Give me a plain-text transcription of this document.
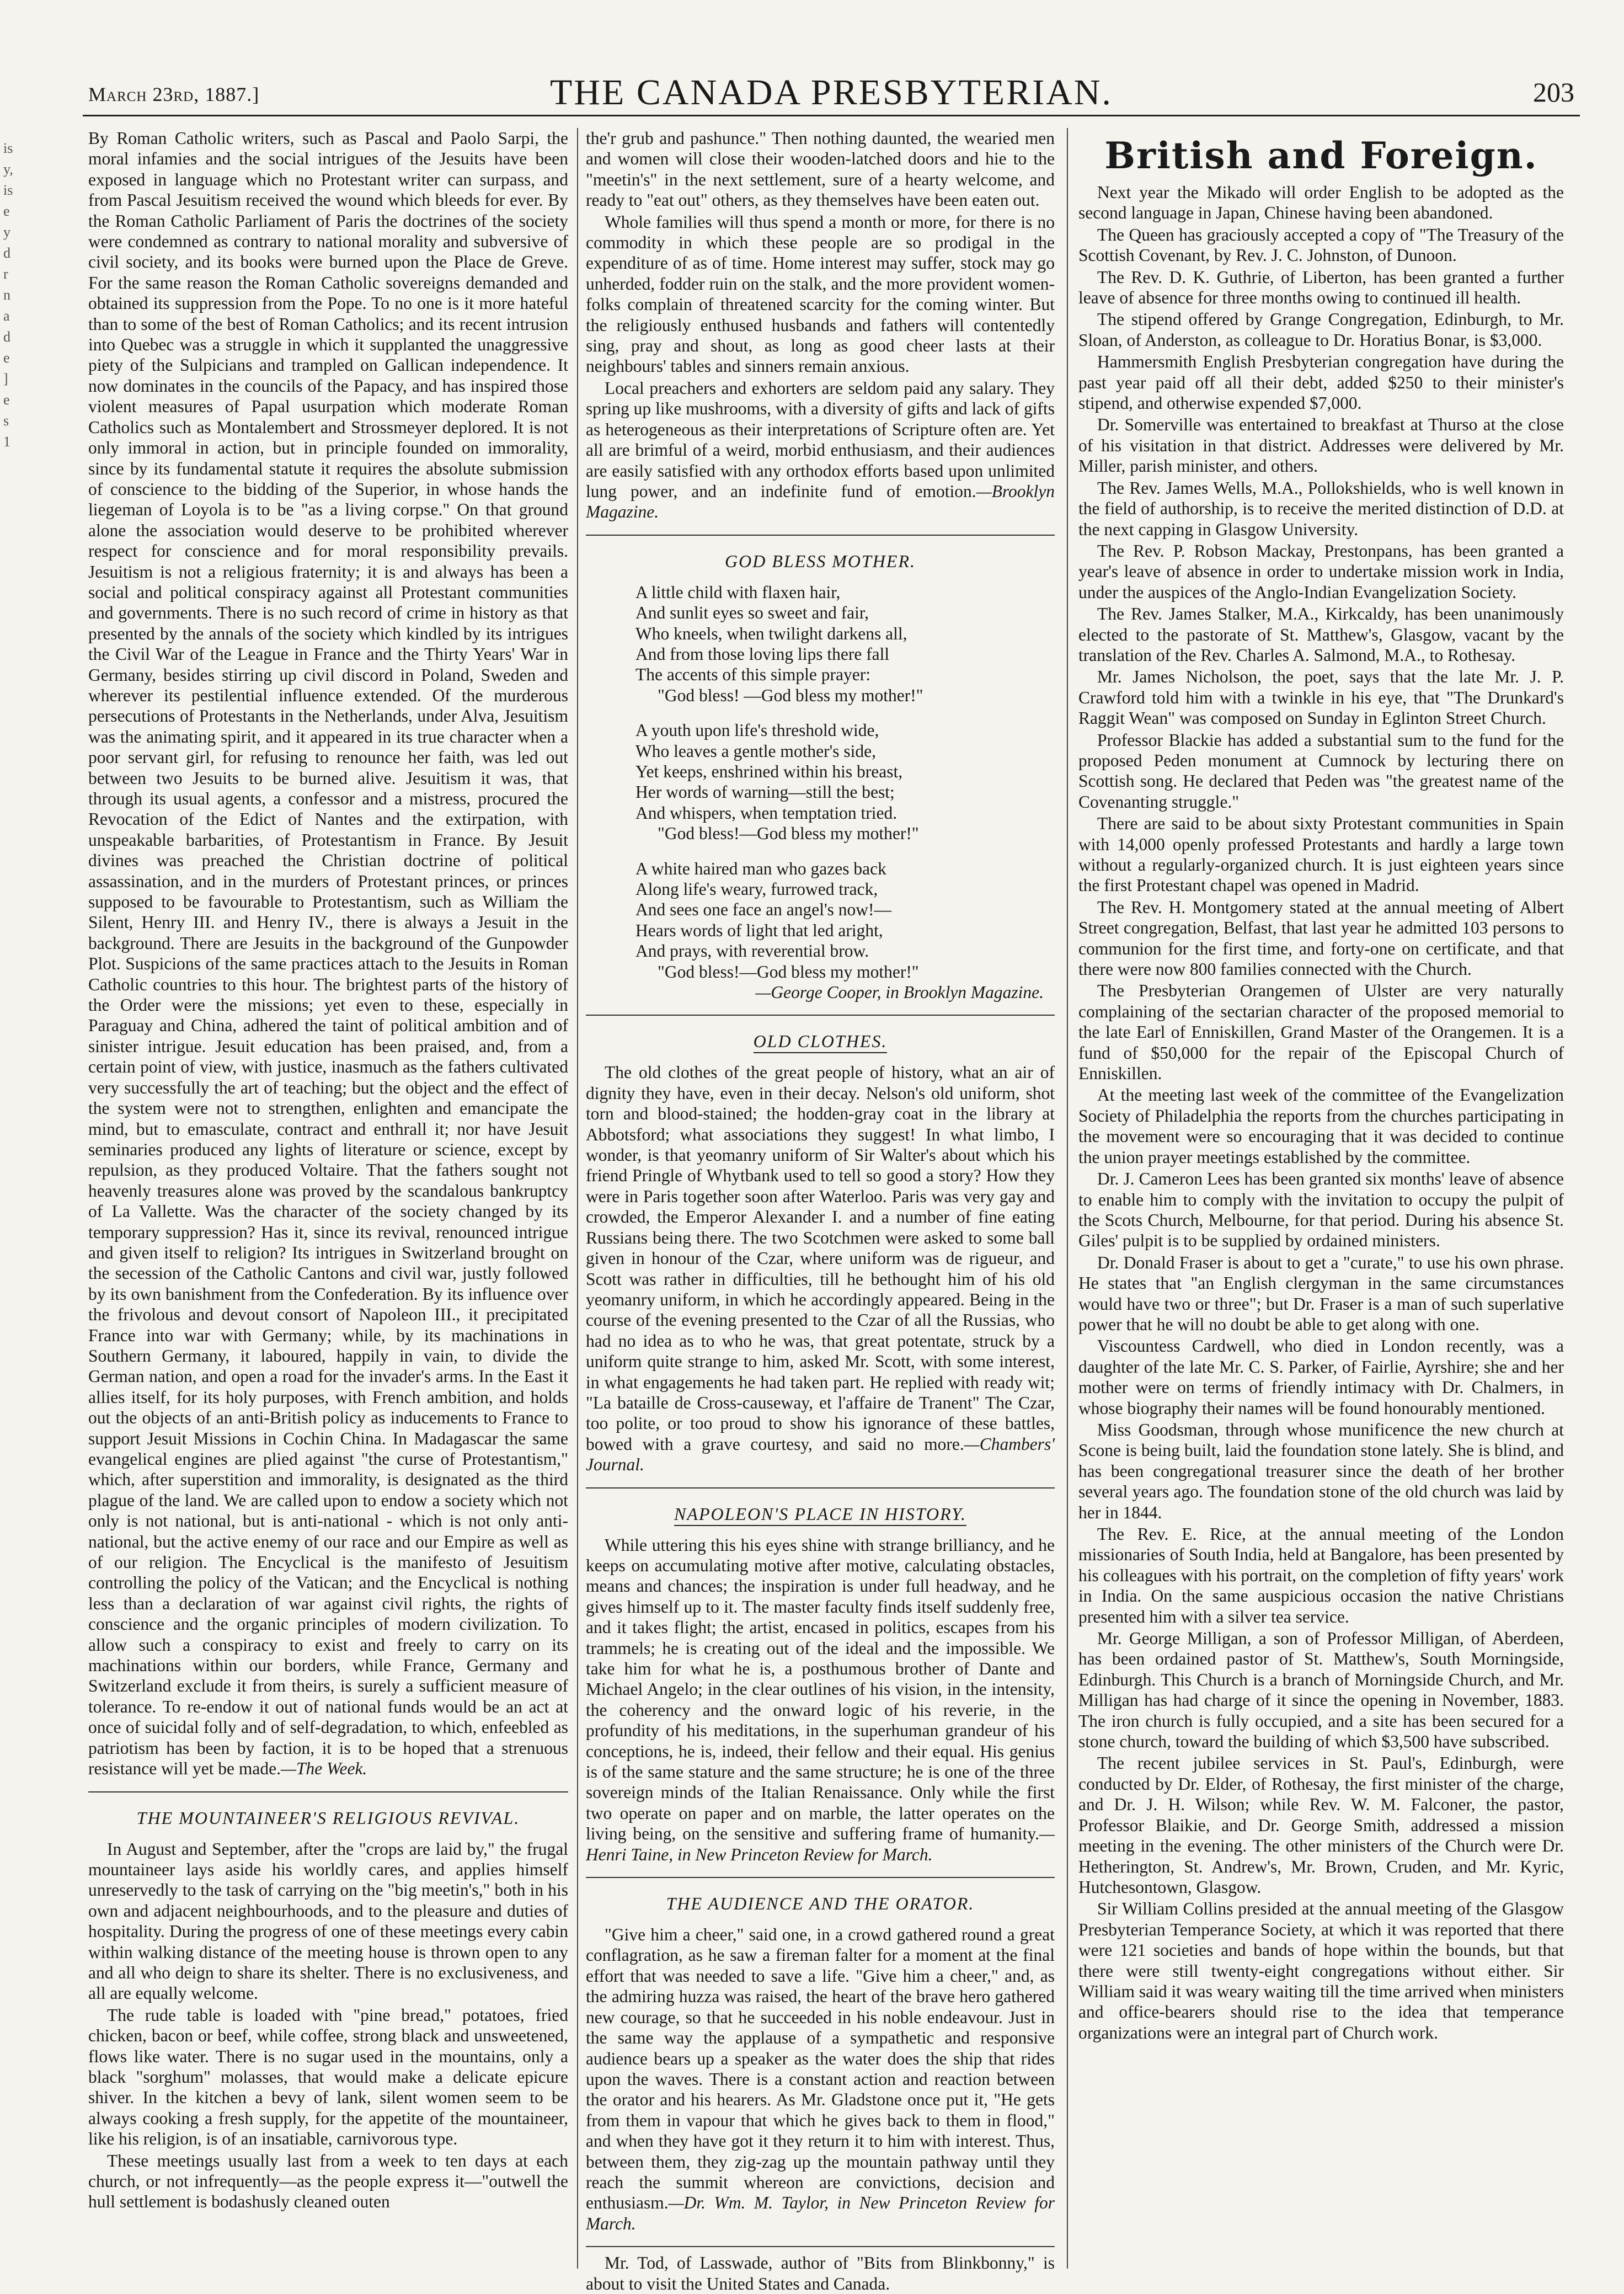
is
y,
is
e
y
d
r
n
a
d
e
]
e
s
1
March 23rd, 1887.]	THE CANADA PRESBYTERIAN.	203

By Roman Catholic writers, such as Pascal and Paolo Sarpi, the moral infamies and the social intrigues of the Jesuits have been exposed in language which no Protestant writer can surpass, and from Pascal Jesuitism received the wound which bleeds for ever. By the Roman Catholic Parliament of Paris the doctrines of the society were condemned as contrary to national morality and subversive of civil society, and its books were burned upon the Place de Greve. For the same reason the Roman Catholic sovereigns demanded and obtained its suppression from the Pope. To no one is it more hateful than to some of the best of Roman Catholics; and its recent intrusion into Quebec was a struggle in which it supplanted the unaggressive piety of the Sulpicians and trampled on Gallican independence. It now dominates in the councils of the Papacy, and has inspired those violent measures of Papal usurpation which moderate Roman Catholics such as Montalembert and Strossmeyer deplored. It is not only immoral in action, but in principle founded on immorality, since by its fundamental statute it requires the absolute submission of conscience to the bidding of the Superior, in whose hands the liegeman of Loyola is to be "as a living corpse." On that ground alone the association would deserve to be prohibited wherever respect for conscience and for moral responsibility prevails. Jesuitism is not a religious fraternity; it is and always has been a social and political conspiracy against all Protestant communities and governments. There is no such record of crime in history as that presented by the annals of the society which kindled by its intrigues the Civil War of the League in France and the Thirty Years' War in Germany, besides stirring up civil discord in Poland, Sweden and wherever its pestilential influence extended. Of the murderous persecutions of Protestants in the Netherlands, under Alva, Jesuitism was the animating spirit, and it appeared in its true character when a poor servant girl, for refusing to renounce her faith, was led out between two Jesuits to be burned alive. Jesuitism it was, that through its usual agents, a confessor and a mistress, procured the Revocation of the Edict of Nantes and the extirpation, with unspeakable barbarities, of Protestantism in France. By Jesuit divines was preached the Christian doctrine of political assassination, and in the murders of Protestant princes, or princes supposed to be favourable to Protestantism, such as William the Silent, Henry III. and Henry IV., there is always a Jesuit in the background. There are Jesuits in the background of the Gunpowder Plot. Suspicions of the same practices attach to the Jesuits in Roman Catholic countries to this hour. The brightest parts of the history of the Order were the missions; yet even to these, especially in Paraguay and China, adhered the taint of political ambition and of sinister intrigue. Jesuit education has been praised, and, from a certain point of view, with justice, inasmuch as the fathers cultivated very successfully the art of teaching; but the object and the effect of the system were not to strengthen, enlighten and emancipate the mind, but to emasculate, contract and enthrall it; nor have Jesuit seminaries produced any lights of literature or science, except by repulsion, as they produced Voltaire. That the fathers sought not heavenly treasures alone was proved by the scandalous bankruptcy of La Vallette. Was the character of the society changed by its temporary suppression? Has it, since its revival, renounced intrigue and given itself to religion? Its intrigues in Switzerland brought on the secession of the Catholic Cantons and civil war, justly followed by its own banishment from the Confederation. By its influence over the frivolous and devout consort of Napoleon III., it precipitated France into war with Germany; while, by its machinations in Southern Germany, it laboured, happily in vain, to divide the German nation, and open a road for the invader's arms. In the East it allies itself, for its holy purposes, with French ambition, and holds out the objects of an anti-British policy as inducements to France to support Jesuit Missions in Cochin China. In Madagascar the same evangelical engines are plied against "the curse of Protestantism," which, after superstition and immorality, is designated as the third plague of the land. We are called upon to endow a society which not only is not national, but is anti-national - which is not only anti-national, but the active enemy of our race and our Empire as well as of our religion. The Encyclical is the manifesto of Jesuitism controlling the policy of the Vatican; and the Encyclical is nothing less than a declaration of war against civil rights, the rights of conscience and the organic principles of modern civilization. To allow such a conspiracy to exist and freely to carry on its machinations within our borders, while France, Germany and Switzerland exclude it from theirs, is surely a sufficient measure of tolerance. To re-endow it out of national funds would be an act at once of suicidal folly and of self-degradation, to which, enfeebled as patriotism has been by faction, it is to be hoped that a strenuous resistance will yet be made.—The Week.

THE MOUNTAINEER'S RELIGIOUS REVIVAL.

In August and September, after the "crops are laid by," the frugal mountaineer lays aside his worldly cares, and applies himself unreservedly to the task of carrying on the "big meetin's," both in his own and adjacent neighbourhoods, and to the pleasure and duties of hospitality. During the progress of one of these meetings every cabin within walking distance of the meeting house is thrown open to any and all who deign to share its shelter. There is no exclusiveness, and all are equally welcome.

The rude table is loaded with "pine bread," potatoes, fried chicken, bacon or beef, while coffee, strong black and unsweetened, flows like water. There is no sugar used in the mountains, only a black "sorghum" molasses, that would make a delicate epicure shiver. In the kitchen a bevy of lank, silent women seem to be always cooking a fresh supply, for the appetite of the mountaineer, like his religion, is of an insatiable, carnivorous type.

These meetings usually last from a week to ten days at each church, or not infrequently—as the people express it—"outwell the hull settlement is bodashusly cleaned outen

the'r grub and pashunce." Then nothing daunted, the wearied men and women will close their wooden-latched doors and hie to the "meetin's" in the next settlement, sure of a hearty welcome, and ready to "eat out" others, as they themselves have been eaten out.

Whole families will thus spend a month or more, for there is no commodity in which these people are so prodigal in the expenditure of as of time. Home interest may suffer, stock may go unherded, fodder ruin on the stalk, and the more provident women-folks complain of threatened scarcity for the coming winter. But the religiously enthused husbands and fathers will contentedly sing, pray and shout, as long as good cheer lasts at their neighbours' tables and sinners remain anxious.

Local preachers and exhorters are seldom paid any salary. They spring up like mushrooms, with a diversity of gifts and lack of gifts as heterogeneous as their interpretations of Scripture often are. Yet all are brimful of a weird, morbid enthusiasm, and their audiences are easily satisfied with any orthodox efforts based upon unlimited lung power, and an indefinite fund of emotion.—Brooklyn Magazine.

GOD BLESS MOTHER.
A little child with flaxen hair,
And sunlit eyes so sweet and fair,
Who kneels, when twilight darkens all,
And from those loving lips there fall
The accents of this simple prayer:
"God bless! —God bless my mother!"
A youth upon life's threshold wide,
Who leaves a gentle mother's side,
Yet keeps, enshrined within his breast,
Her words of warning—still the best;
And whispers, when temptation tried.
"God bless!—God bless my mother!"
A white haired man who gazes back
Along life's weary, furrowed track,
And sees one face an angel's now!—
Hears words of light that led aright,
And prays, with reverential brow.
"God bless!—God bless my mother!"
—George Cooper, in Brooklyn Magazine.
OLD CLOTHES.

The old clothes of the great people of history, what an air of dignity they have, even in their decay. Nelson's old uniform, shot torn and blood-stained; the hodden-gray coat in the library at Abbotsford; what associations they suggest! In what limbo, I wonder, is that yeomanry uniform of Sir Walter's about which his friend Pringle of Whytbank used to tell so good a story? How they were in Paris together soon after Waterloo. Paris was very gay and crowded, the Emperor Alexander I. and a number of fine eating Russians being there. The two Scotchmen were asked to some ball given in honour of the Czar, where uniform was de rigueur, and Scott was rather in difficulties, till he bethought him of his old yeomanry uniform, in which he accordingly appeared. Being in the course of the evening presented to the Czar of all the Russias, who had no idea as to who he was, that great potentate, struck by a uniform quite strange to him, asked Mr. Scott, with some interest, in what engagements he had taken part. He replied with ready wit; "La bataille de Cross-causeway, et l'affaire de Tranent" The Czar, too polite, or too proud to show his ignorance of these battles, bowed with a grave courtesy, and said no more.—Chambers' Journal.

NAPOLEON'S PLACE IN HISTORY.

While uttering this his eyes shine with strange brilliancy, and he keeps on accumulating motive after motive, calculating obstacles, means and chances; the inspiration is under full headway, and he gives himself up to it. The master faculty finds itself suddenly free, and it takes flight; the artist, encased in politics, escapes from his trammels; he is creating out of the ideal and the impossible. We take him for what he is, a posthumous brother of Dante and Michael Angelo; in the clear outlines of his vision, in the intensity, the coherency and the onward logic of his reverie, in the profundity of his meditations, in the superhuman grandeur of his conceptions, he is, indeed, their fellow and their equal. His genius is of the same stature and the same structure; he is one of the three sovereign minds of the Italian Renaissance. Only while the first two operate on paper and on marble, the latter operates on the living being, on the sensitive and suffering frame of humanity.—Henri Taine, in New Princeton Review for March.

THE AUDIENCE AND THE ORATOR.

"Give him a cheer," said one, in a crowd gathered round a great conflagration, as he saw a fireman falter for a moment at the final effort that was needed to save a life. "Give him a cheer," and, as the admiring huzza was raised, the heart of the brave hero gathered new courage, so that he succeeded in his noble endeavour. Just in the same way the applause of a sympathetic and responsive audience bears up a speaker as the water does the ship that rides upon the waves. There is a constant action and reaction between the orator and his hearers. As Mr. Gladstone once put it, "He gets from them in vapour that which he gives back to them in flood," and when they have got it they return it to him with interest. Thus, between them, they zig-zag up the mountain pathway until they reach the summit whereon are convictions, decision and enthusiasm.—Dr. Wm. M. Taylor, in New Princeton Review for March.

Mr. Tod, of Lasswade, author of "Bits from Blinkbonny," is about to visit the United States and Canada.

British and Foreign.

Next year the Mikado will order English to be adopted as the second language in Japan, Chinese having been abandoned.

The Queen has graciously accepted a copy of "The Treasury of the Scottish Covenant, by Rev. J. C. Johnston, of Dunoon.

The Rev. D. K. Guthrie, of Liberton, has been granted a further leave of absence for three months owing to continued ill health.

The stipend offered by Grange Congregation, Edinburgh, to Mr. Sloan, of Anderston, as colleague to Dr. Horatius Bonar, is $3,000.

Hammersmith English Presbyterian congregation have during the past year paid off all their debt, added $250 to their minister's stipend, and otherwise expended $7,000.

Dr. Somerville was entertained to breakfast at Thurso at the close of his visitation in that district. Addresses were delivered by Mr. Miller, parish minister, and others.

The Rev. James Wells, M.A., Pollokshields, who is well known in the field of authorship, is to receive the merited distinction of D.D. at the next capping in Glasgow University.

The Rev. P. Robson Mackay, Prestonpans, has been granted a year's leave of absence in order to undertake mission work in India, under the auspices of the Anglo-Indian Evangelization Society.

The Rev. James Stalker, M.A., Kirkcaldy, has been unanimously elected to the pastorate of St. Matthew's, Glasgow, vacant by the translation of the Rev. Charles A. Salmond, M.A., to Rothesay.

Mr. James Nicholson, the poet, says that the late Mr. J. P. Crawford told him with a twinkle in his eye, that "The Drunkard's Raggit Wean" was composed on Sunday in Eglinton Street Church.

Professor Blackie has added a substantial sum to the fund for the proposed Peden monument at Cumnock by lecturing there on Scottish song. He declared that Peden was "the greatest name of the Covenanting struggle."

There are said to be about sixty Protestant communities in Spain with 14,000 openly professed Protestants and hardly a large town without a regularly-organized church. It is just eighteen years since the first Protestant chapel was opened in Madrid.

The Rev. H. Montgomery stated at the annual meeting of Albert Street congregation, Belfast, that last year he admitted 103 persons to communion for the first time, and forty-one on certificate, and that there were now 800 families connected with the Church.

The Presbyterian Orangemen of Ulster are very naturally complaining of the sectarian character of the proposed memorial to the late Earl of Enniskillen, Grand Master of the Orangemen. It is a fund of $50,000 for the repair of the Episcopal Church of Enniskillen.

At the meeting last week of the committee of the Evangelization Society of Philadelphia the reports from the churches participating in the movement were so encouraging that it was decided to continue the union prayer meetings established by the committee.

Dr. J. Cameron Lees has been granted six months' leave of absence to enable him to comply with the invitation to occupy the pulpit of the Scots Church, Melbourne, for that period. During his absence St. Giles' pulpit is to be supplied by ordained ministers.

Dr. Donald Fraser is about to get a "curate," to use his own phrase. He states that "an English clergyman in the same circumstances would have two or three"; but Dr. Fraser is a man of such superlative power that he will no doubt be able to get along with one.

Viscountess Cardwell, who died in London recently, was a daughter of the late Mr. C. S. Parker, of Fairlie, Ayrshire; she and her mother were on terms of friendly intimacy with Dr. Chalmers, in whose biography their names will be found honourably mentioned.

Miss Goodsman, through whose munificence the new church at Scone is being built, laid the foundation stone lately. She is blind, and has been congregational treasurer since the death of her brother several years ago. The foundation stone of the old church was laid by her in 1844.

The Rev. E. Rice, at the annual meeting of the London missionaries of South India, held at Bangalore, has been presented by his colleagues with his portrait, on the completion of fifty years' work in India. On the same auspicious occasion the native Christians presented him with a silver tea service.

Mr. George Milligan, a son of Professor Milligan, of Aberdeen, has been ordained pastor of St. Matthew's, South Morningside, Edinburgh. This Church is a branch of Morningside Church, and Mr. Milligan has had charge of it since the opening in November, 1883. The iron church is fully occupied, and a site has been secured for a stone church, toward the building of which $3,500 have subscribed.

The recent jubilee services in St. Paul's, Edinburgh, were conducted by Dr. Elder, of Rothesay, the first minister of the charge, and Dr. J. H. Wilson; while Rev. W. M. Falconer, the pastor, Professor Blaikie, and Dr. George Smith, addressed a mission meeting in the evening. The other ministers of the Church were Dr. Hetherington, St. Andrew's, Mr. Brown, Cruden, and Mr. Kyric, Hutchesontown, Glasgow.

Sir William Collins presided at the annual meeting of the Glasgow Presbyterian Temperance Society, at which it was reported that there were 121 societies and bands of hope within the bounds, but that there were still twenty-eight congregations without either. Sir William said it was weary waiting till the time arrived when ministers and office-bearers should rise to the idea that temperance organizations were an integral part of Church work.
